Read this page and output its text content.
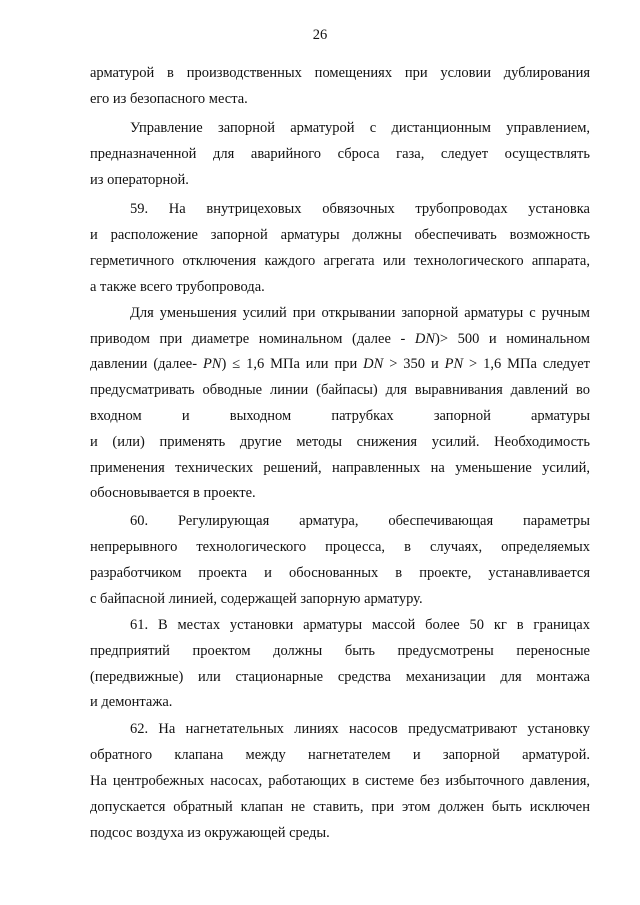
26
арматурой в производственных помещениях при условии дублирования
его из безопасного места.
Управление запорной арматурой с дистанционным управлением,
предназначенной для аварийного сброса газа, следует осуществлять
из операторной.
59. На внутрицеховых обвязочных трубопроводах установка
и расположение запорной арматуры должны обеспечивать возможность
герметичного отключения каждого агрегата или технологического аппарата,
а также всего трубопровода.
Для уменьшения усилий при открывании запорной арматуры с ручным
приводом при диаметре номинальном (далее - DN)> 500 и номинальном
давлении (далее- PN) ≤ 1,6 МПа или при DN > 350 и PN > 1,6 МПа следует
предусматривать обводные линии (байпасы) для выравнивания давлений во
входном и выходном патрубках запорной арматуры
и (или) применять другие методы снижения усилий. Необходимость
применения технических решений, направленных на уменьшение усилий,
обосновывается в проекте.
60. Регулирующая арматура, обеспечивающая параметры
непрерывного технологического процесса, в случаях, определяемых
разработчиком проекта и обоснованных в проекте, устанавливается
с байпасной линией, содержащей запорную арматуру.
61. В местах установки арматуры массой более 50 кг в границах
предприятий проектом должны быть предусмотрены переносные
(передвижные) или стационарные средства механизации для монтажа
и демонтажа.
62. На нагнетательных линиях насосов предусматривают установку
обратного клапана между нагнетателем и запорной арматурой.
На центробежных насосах, работающих в системе без избыточного давления,
допускается обратный клапан не ставить, при этом должен быть исключен
подсос воздуха из окружающей среды.
